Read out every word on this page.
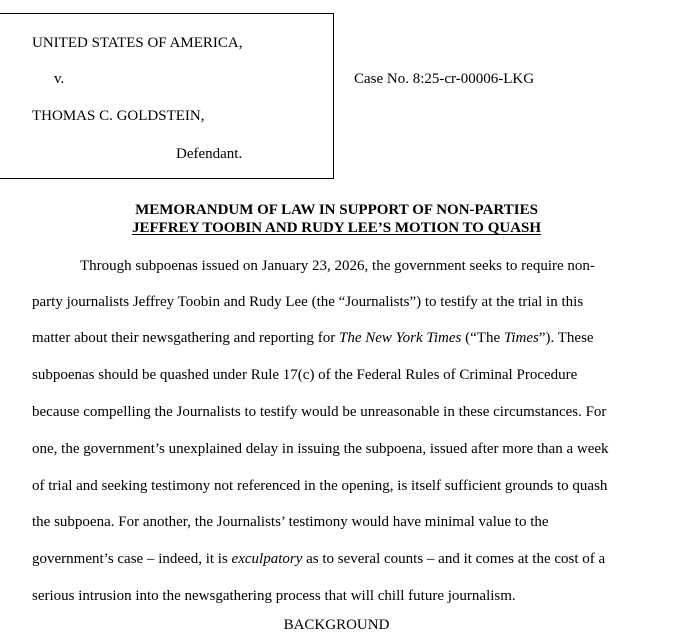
UNITED STATES OF AMERICA,
v.
THOMAS C. GOLDSTEIN,
Defendant.
Case No. 8:25-cr-00006-LKG
MEMORANDUM OF LAW IN SUPPORT OF NON-PARTIES
JEFFREY TOOBIN AND RUDY LEE’S MOTION TO QUASH
Through subpoenas issued on January 23, 2026, the government seeks to require non-
party journalists Jeffrey Toobin and Rudy Lee (the “Journalists”) to testify at the trial in this
matter about their newsgathering and reporting for The New York Times (“The Times”). These
subpoenas should be quashed under Rule 17(c) of the Federal Rules of Criminal Procedure
because compelling the Journalists to testify would be unreasonable in these circumstances. For
one, the government’s unexplained delay in issuing the subpoena, issued after more than a week
of trial and seeking testimony not referenced in the opening, is itself sufficient grounds to quash
the subpoena. For another, the Journalists’ testimony would have minimal value to the
government’s case – indeed, it is exculpatory as to several counts – and it comes at the cost of a
serious intrusion into the newsgathering process that will chill future journalism.
BACKGROUND
